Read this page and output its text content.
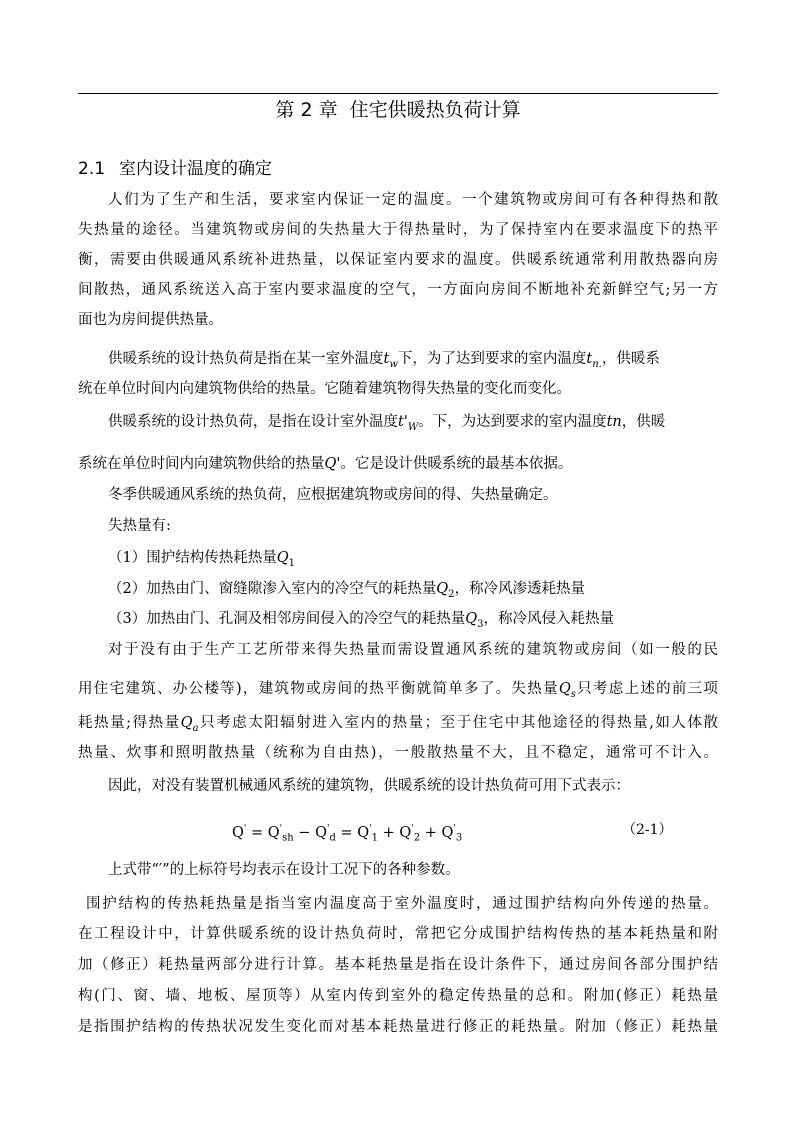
第 2 章 住宅供暖热负荷计算
2.1 室内设计温度的确定
人们为了生产和生活，要求室内保证一定的温度。一个建筑物或房间可有各种得热和散
失热量的途径。当建筑物或房间的失热量大于得热量时，为了保持室内在要求温度下的热平
衡，需要由供暖通风系统补进热量，以保证室内要求的温度。供暖系统通常利用散热器向房
间散热，通风系统送入高于室内要求温度的空气，一方面向房间不断地补充新鲜空气;另一方
面也为房间提供热量。
供暖系统的设计热负荷是指在某一室外温度$t_w$下，为了达到要求的室内温度$t_{n.}$，供暖系
统在单位时间内向建筑物供给的热量。它随着建筑物得失热量的变化而变化。
供暖系统的设计热负荷，是指在设计室外温度$t'_W$。下，为达到要求的室内温度tn，供暖
系统在单位时间内向建筑物供给的热量Q'。它是设计供暖系统的最基本依据。
冬季供暖通风系统的热负荷，应根据建筑物或房间的得、失热量确定。
失热量有:
（1）围护结构传热耗热量$Q_1$
（2）加热由门、窗缝隙渗入室内的冷空气的耗热量$Q_2$，称冷风渗透耗热量
（3）加热由门、孔洞及相邻房间侵入的冷空气的耗热量$Q_3$，称冷风侵入耗热量
对于没有由于生产工艺所带来得失热量而需设置通风系统的建筑物或房间（如一般的民
用住宅建筑、办公楼等)，建筑物或房间的热平衡就简单多了。失热量$Q_s$只考虑上述的前三项
耗热量;得热量$Q_a$只考虑太阳辐射进入室内的热量；至于住宅中其他途径的得热量,如人体散
热量、炊事和照明散热量（统称为自由热)，一般散热量不大，且不稳定，通常可不计入。
因此，对没有装置机械通风系统的建筑物，供暖系统的设计热负荷可用下式表示：
$Q' = Q'_{sh} - Q'_d = Q'_1 + Q'_2 + Q'_3$
（2-1）
上式带“′”的上标符号均表示在设计工况下的各种参数。
围护结构的传热耗热量是指当室内温度高于室外温度时，通过围护结构向外传递的热量。
在工程设计中，计算供暖系统的设计热负荷时，常把它分成围护结构传热的基本耗热量和附
加（修正）耗热量两部分进行计算。基本耗热量是指在设计条件下，通过房间各部分围护结
构(门、窗、墙、地板、屋顶等）从室内传到室外的稳定传热量的总和。附加(修正）耗热量
是指围护结构的传热状况发生变化而对基本耗热量进行修正的耗热量。附加（修正）耗热量
